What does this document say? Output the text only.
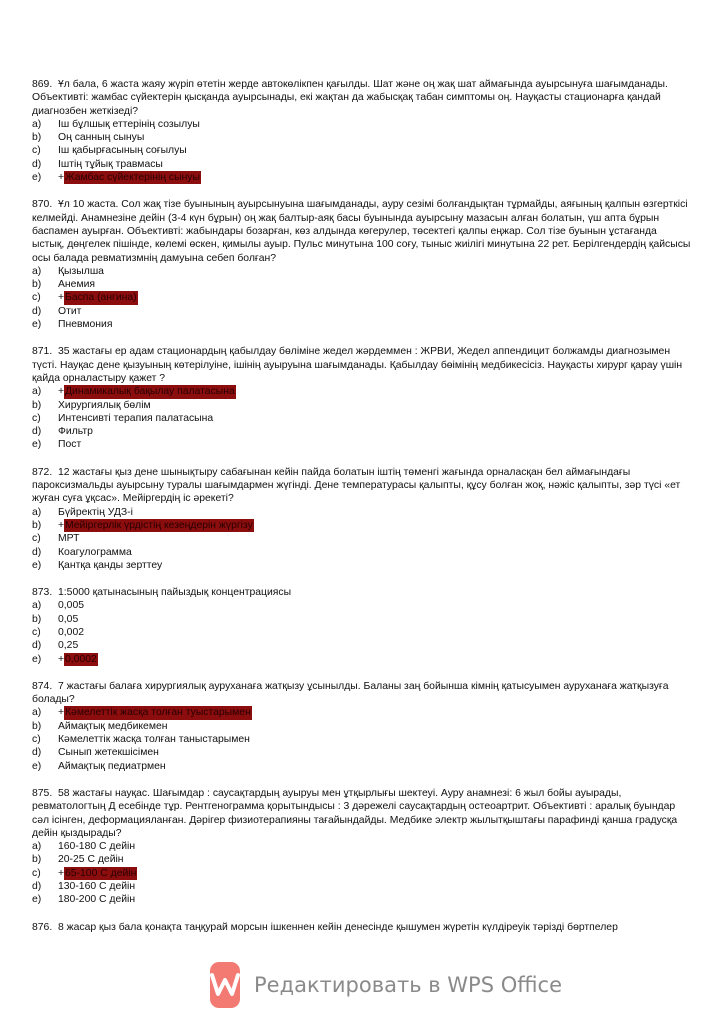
869. Ұл бала, 6 жаста жаяу жүріп өтетін жерде автокөлікпен қағылды. Шат және оң жақ шат аймағында ауырсынуға шағымданады. Объективті: жамбас сүйектерін қысқанда ауырсынады, екі жақтан да жабысқақ табан симптомы оң. Науқасты стационарға қандай диагнозбен жеткізеді?

a)	Іш бұлшық еттерінің созылуы
b)	Оң санның сынуы
c)	Іш қабырғасының соғылуы
d)	Іштің тұйық травмасы
e)	+ Жамбас сүйектерінің сынуы

870. Ұл 10 жаста. Сол жақ тізе буынының ауырсынуына шағымданады, ауру сезімі болғандықтан тұрмайды, аяғының қалпын өзгерткісі келмейді. Анамнезіне дейін (3-4 күн бұрын) оң жақ балтыр-аяқ басы буынында ауырсыну мазасын алған болатын, үш апта бұрын баспамен ауырған. Объективті: жабындары бозарған, көз алдында көгерулер, төсектегі қалпы еңжар. Сол тізе буынын ұстағанда ыстық, дөңгелек пішінде, көлемі өскен, қимылы ауыр. Пульс минутына 100 соғу, тыныс жиілігі минутына 22 рет. Берілгендердің қайсысы осы балада ревматизмнің дамуына себеп болған?

a)	Қызылша
b)	Анемия
c)	+ Баспа (ангина)
d)	Отит
e)	Пневмония

871. 35 жастағы ер адам стационардың қабылдау бөліміне жедел жәрдеммен : ЖРВИ, Жедел аппендицит болжамды диагнозымен түсті. Науқас дене қызуының көтерілуіне, ішінің ауыруына шағымданады. Қабылдау бөімінің медбикесісіз. Науқасты хирург қарау үшін қайда орналастыру қажет ?

a)	+ Динамикалық бақылау палатасына
b)	Хирургиялық бөлім
c)	Интенсивті терапия палатасына
d)	Фильтр
e)	Пост

872. 12 жастағы қыз дене шынықтыру сабағынан кейін пайда болатын іштің төменгі жағында орналасқан бел аймағындағы пароксизмальды ауырсыну туралы шағымдармен жүгінді. Дене температурасы қалыпты, құсу болған жоқ, нәжіс қалыпты, зәр түсі «ет жуған суға ұқсас». Мейіргердің іс әрекеті?

a)	Бүйректің УДЗ-і
b)	+ Мейіргерлік үрдістің кезеңдерін жүргізу
c)	МРТ
d)	Коагулограмма
e)	Қантқа қанды зерттеу

873. 1:5000 қатынасының пайыздық концентрациясы

a)	0,005
b)	0,05
c)	0,002
d)	0,25
e)	+ 0,0002

874. 7 жастағы балаға хирургиялық ауруханаға жатқызу ұсынылды. Баланы заң бойынша кімнің қатысуымен ауруханаға жатқызуға болады?

a)	+ Кәмелеттік жасқа толған туыстарымен
b)	Аймақтық медбикемен
c)	Кәмелеттік жасқа толған таныстарымен
d)	Сынып жетекшісімен
e)	Аймақтық педиатрмен

875. 58 жастағы науқас. Шағымдар : саусақтардың ауыруы мен ұтқырлығы шектеуі. Ауру анамнезі: 6 жыл бойы ауырады, ревматологтың Д есебінде тұр. Рентгенограмма қорытындысы : 3 дәрежелі саусақтардың остеоартрит. Объективті : аралық буындар сәл ісінген, деформацияланған. Дәрігер физиотерапияны тағайындайды. Медбике электр жылытқыштағы парафинді қанша градусқа дейін қыздырады?

a)	160-180 С дейін
b)	20-25 С дейін
c)	+ 65-100 С дейін
d)	130-160 С дейін
e)	180-200 С дейін

876. 8 жасар қыз бала қонақта таңқурай морсын ішкеннен кейін денесінде қышумен жүретін күлдіреуік тәрізді бөртпелер

Редактировать в WPS Office
